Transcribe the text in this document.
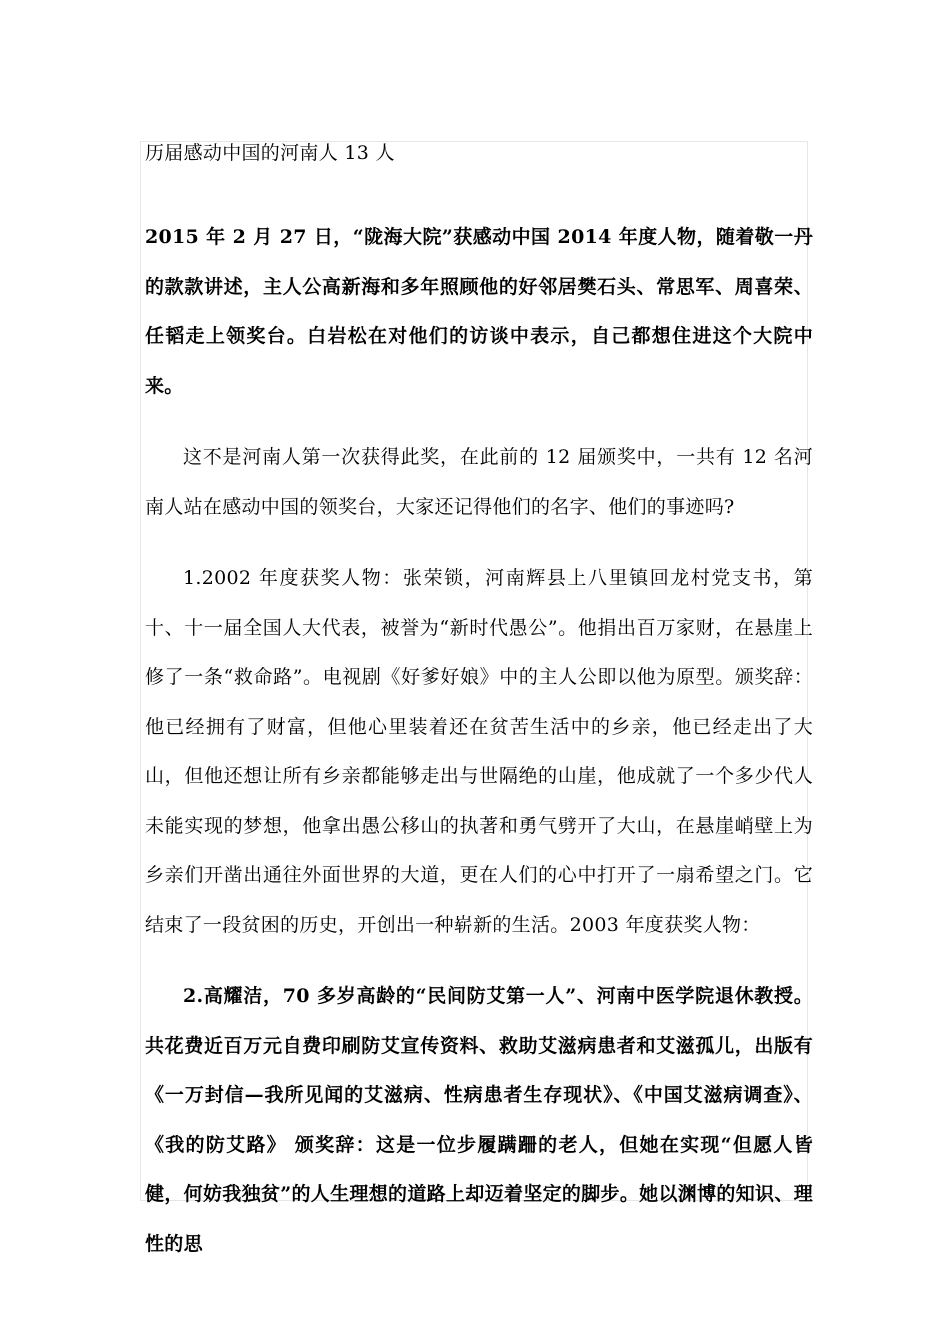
历届感动中国的河南人 13 人

2015 年 2 月 27 日，“陇海大院”获感动中国 2014 年度人物，随着敬一丹的款款讲述，主人公高新海和多年照顾他的好邻居樊石头、常思军、周喜荣、任韬走上领奖台。白岩松在对他们的访谈中表示，自己都想住进这个大院中来。

这不是河南人第一次获得此奖，在此前的 12 届颁奖中，一共有 12 名河南人站在感动中国的领奖台，大家还记得他们的名字、他们的事迹吗?

1.2002 年度获奖人物：张荣锁，河南辉县上八里镇回龙村党支书，第十、十一届全国人大代表，被誉为“新时代愚公”。他捐出百万家财，在悬崖上修了一条“救命路”。电视剧《好爹好娘》中的主人公即以他为原型。颁奖辞：他已经拥有了财富，但他心里装着还在贫苦生活中的乡亲，他已经走出了大山，但他还想让所有乡亲都能够走出与世隔绝的山崖，他成就了一个多少代人未能实现的梦想，他拿出愚公移山的执著和勇气劈开了大山，在悬崖峭壁上为乡亲们开凿出通往外面世界的大道，更在人们的心中打开了一扇希望之门。它结束了一段贫困的历史，开创出一种崭新的生活。2003 年度获奖人物：

2.高耀洁，70 多岁高龄的“民间防艾第一人”、河南中医学院退休教授。共花费近百万元自费印刷防艾宣传资料、救助艾滋病患者和艾滋孤儿，出版有《一万封信—我所见闻的艾滋病、性病患者生存现状》、《中国艾滋病调查》、《我的防艾路》 颁奖辞：这是一位步履蹒跚的老人，但她在实现“但愿人皆健，何妨我独贫”的人生理想的道路上却迈着坚定的脚步。她以渊博的知识、理性的思
